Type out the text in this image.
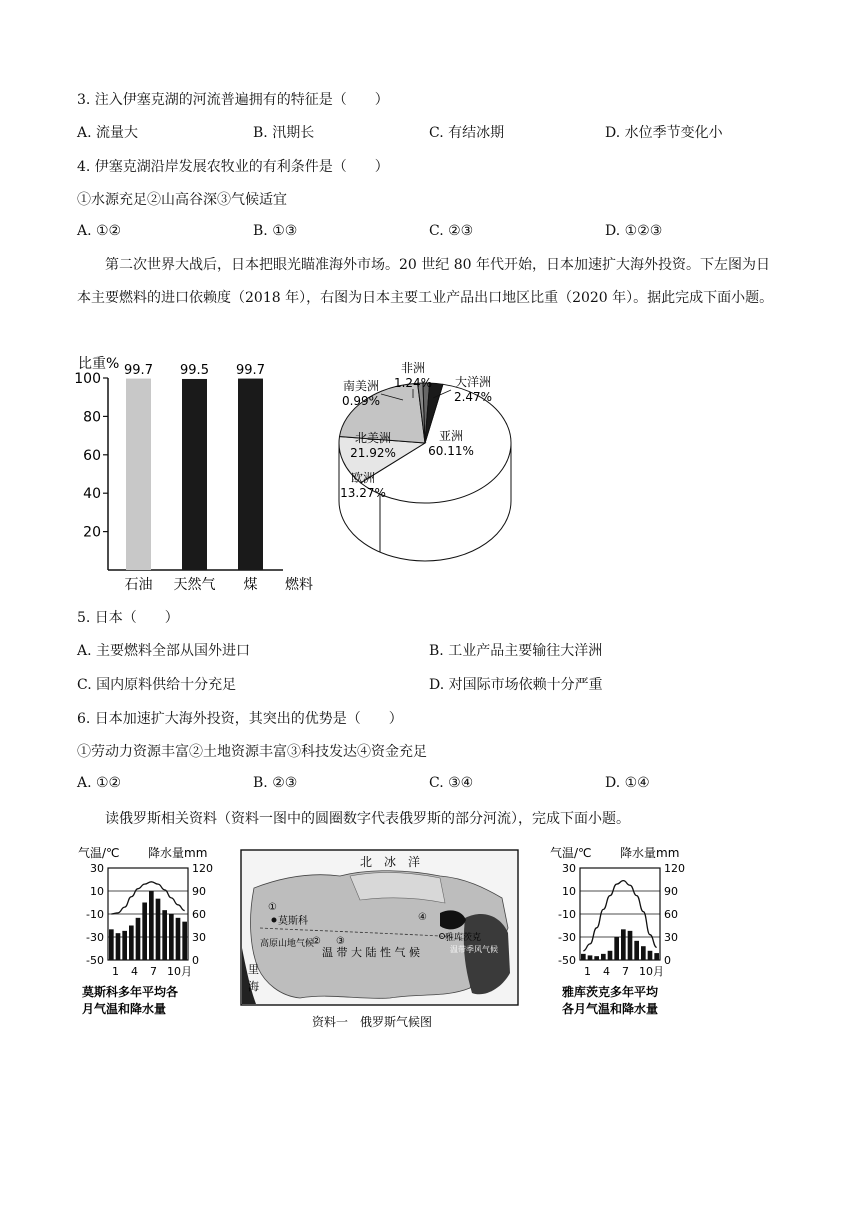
3. 注入伊塞克湖的河流普遍拥有的特征是（　　）
A. 流量大	B. 汛期长	C. 有结冰期	D. 水位季节变化小
4. 伊塞克湖沿岸发展农牧业的有利条件是（　　）
①水源充足②山高谷深③气候适宜
A. ①②	B. ①③	C. ②③	D. ①②③
第二次世界大战后，日本把眼光瞄准海外市场。20 世纪 80 年代开始，日本加速扩大海外投资。下左图为日本主要燃料的进口依赖度（2018 年），右图为日本主要工业产品出口地区比重（2020 年）。据此完成下面小题。
比重%
20
40
60
80
100
99.7
石油
99.5
天然气
99.7
煤 燃料
亚洲
60.11%
欧洲
13.27%
北美洲
21.92%
南美洲
0.99%
非洲
1.24% 大洋洲
2.47%
5. 日本（　　）
A. 主要燃料全部从国外进口	B. 工业产品主要输往大洋洲
C. 国内原料供给十分充足	D. 对国际市场依赖十分严重
6. 日本加速扩大海外投资，其突出的优势是（　　）
①劳动力资源丰富②土地资源丰富③科技发达④资金充足
A. ①②	B. ②③	C. ③④	D. ①④
读俄罗斯相关资料（资料一图中的圆圈数字代表俄罗斯的部分河流），完成下面小题。
气温/℃ 降水量mm
30	120
10	90
-10	60
-30	30
-50	0
1 4 7 10月
莫斯科多年平均各
月气温和降水量
北　冰　洋
莫斯科
雅库茨克
温 带 大 陆 性 气 候
高原山地气候
温带季风气候
里
海
①
② ③
④
资料一　俄罗斯气候图
气温/℃ 降水量mm
30	120
10	90
-10	60
-30	30
-50	0
1 4 7 10月
雅库茨克多年平均
各月气温和降水量
